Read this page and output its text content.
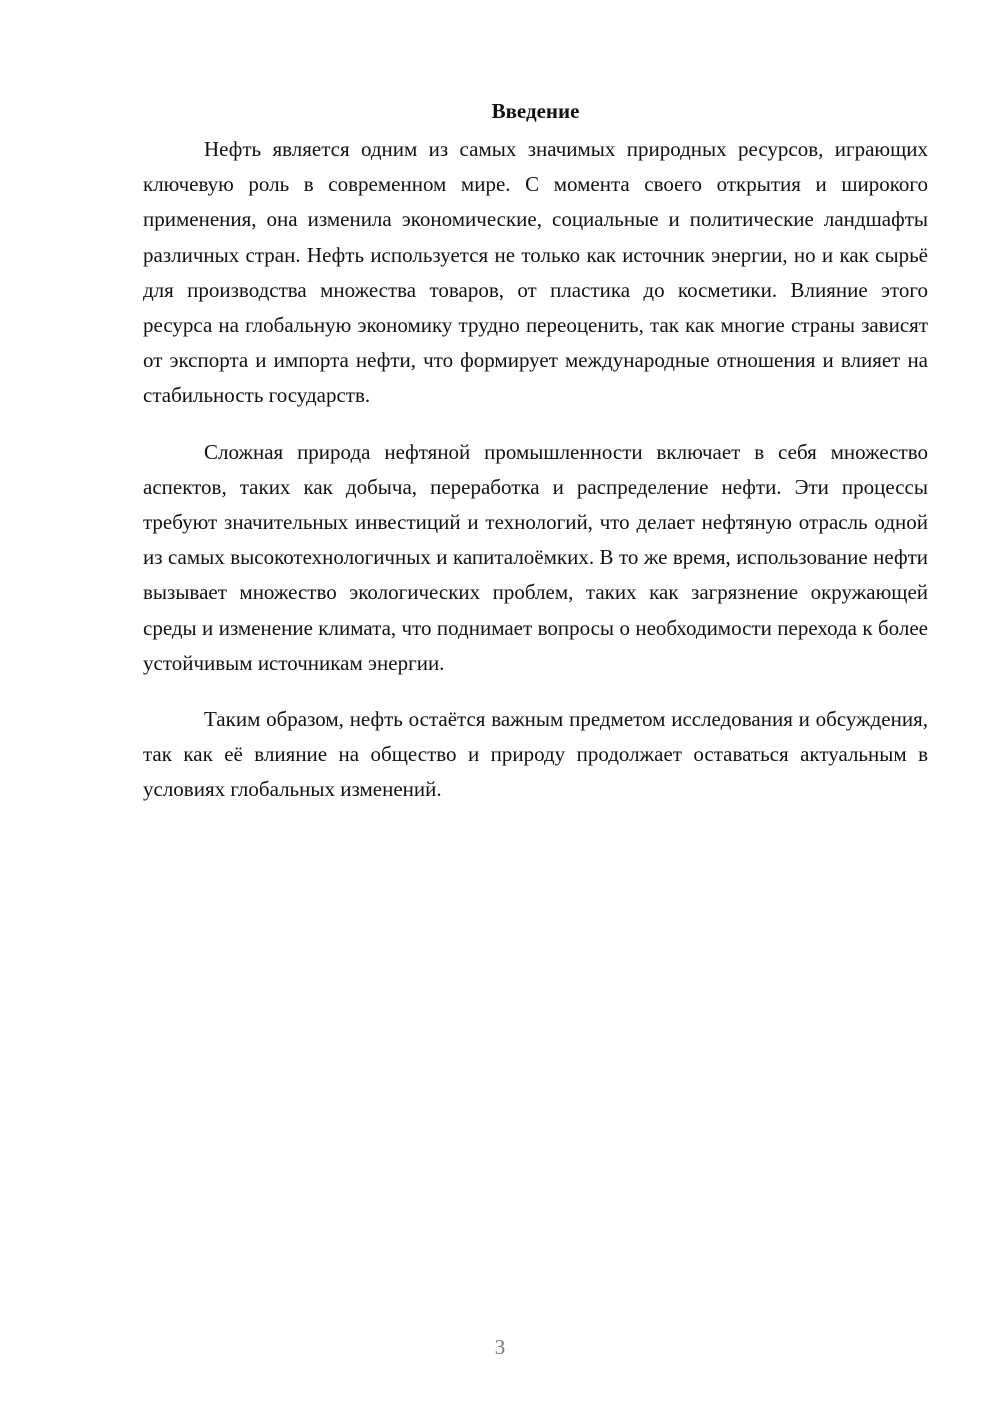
Введение

Нефть является одним из самых значимых природных ресурсов, играющих ключевую роль в современном мире. С момента своего открытия и широкого применения, она изменила экономические, социальные и политические ландшафты различных стран. Нефть используется не только как источник энергии, но и как сырьё для производства множества товаров, от пластика до косметики. Влияние этого ресурса на глобальную экономику трудно переоценить, так как многие страны зависят от экспорта и импорта нефти, что формирует международные отношения и влияет на стабильность государств.

Сложная природа нефтяной промышленности включает в себя множество аспектов, таких как добыча, переработка и распределение нефти. Эти процессы требуют значительных инвестиций и технологий, что делает нефтяную отрасль одной из самых высокотехнологичных и капиталоёмких. В то же время, использование нефти вызывает множество экологических проблем, таких как загрязнение окружающей среды и изменение климата, что поднимает вопросы о необходимости перехода к более устойчивым источникам энергии.

Таким образом, нефть остаётся важным предметом исследования и обсуждения, так как её влияние на общество и природу продолжает оставаться актуальным в условиях глобальных изменений.

3
